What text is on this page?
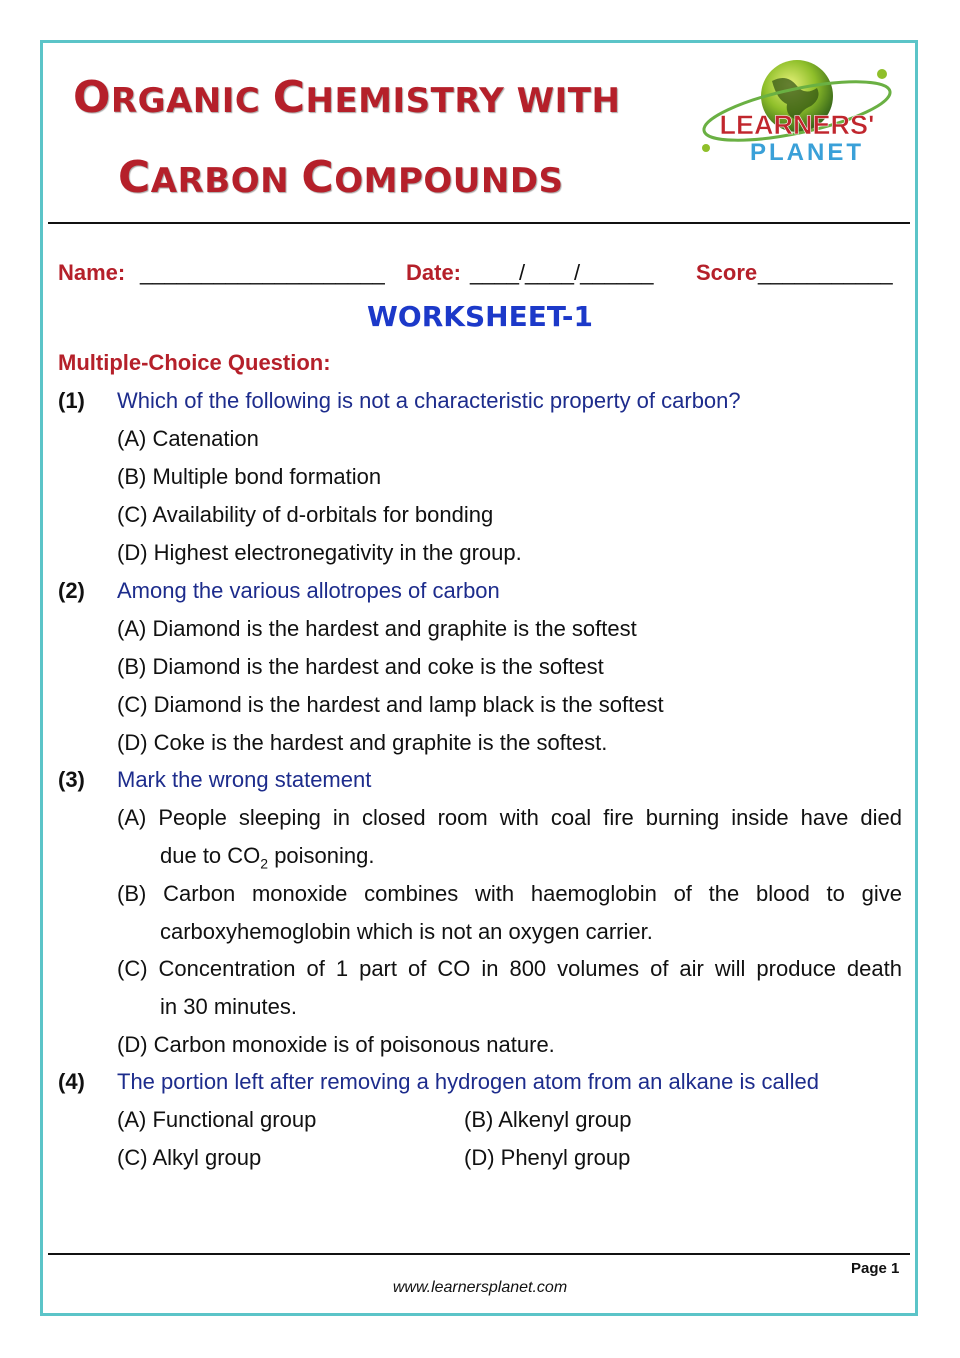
ORGANIC CHEMISTRY WITH
CARBON COMPOUNDS
LEARNERS'
PLANET

Name:

____________________

Date:

____/____/______

Score

___________

WORKSHEET-1
Multiple-Choice Question:
(1) Which of the following is not a characteristic property of carbon?
(A) Catenation
(B) Multiple bond formation
(C) Availability of d-orbitals for bonding
(D) Highest electronegativity in the group.
(2) Among the various allotropes of carbon
(A) Diamond is the hardest and graphite is the softest
(B) Diamond is the hardest and coke is the softest
(C) Diamond is the hardest and lamp black is the softest
(D) Coke is the hardest and graphite is the softest.
(3) Mark the wrong statement
(A) People sleeping in closed room with coal fire burning inside have died
due to $CO_2$ poisoning.
(B) Carbon monoxide combines with haemoglobin of the blood to give
carboxyhemoglobin which is not an oxygen carrier.
(C) Concentration of 1 part of CO in 800 volumes of air will produce death
in 30 minutes.
(D) Carbon monoxide is of poisonous nature.
(4) The portion left after removing a hydrogen atom from an alkane is called
(A) Functional group	(B) Alkenyl group
(C) Alkyl group	(D) Phenyl group
Page 1
www.learnersplanet.com
